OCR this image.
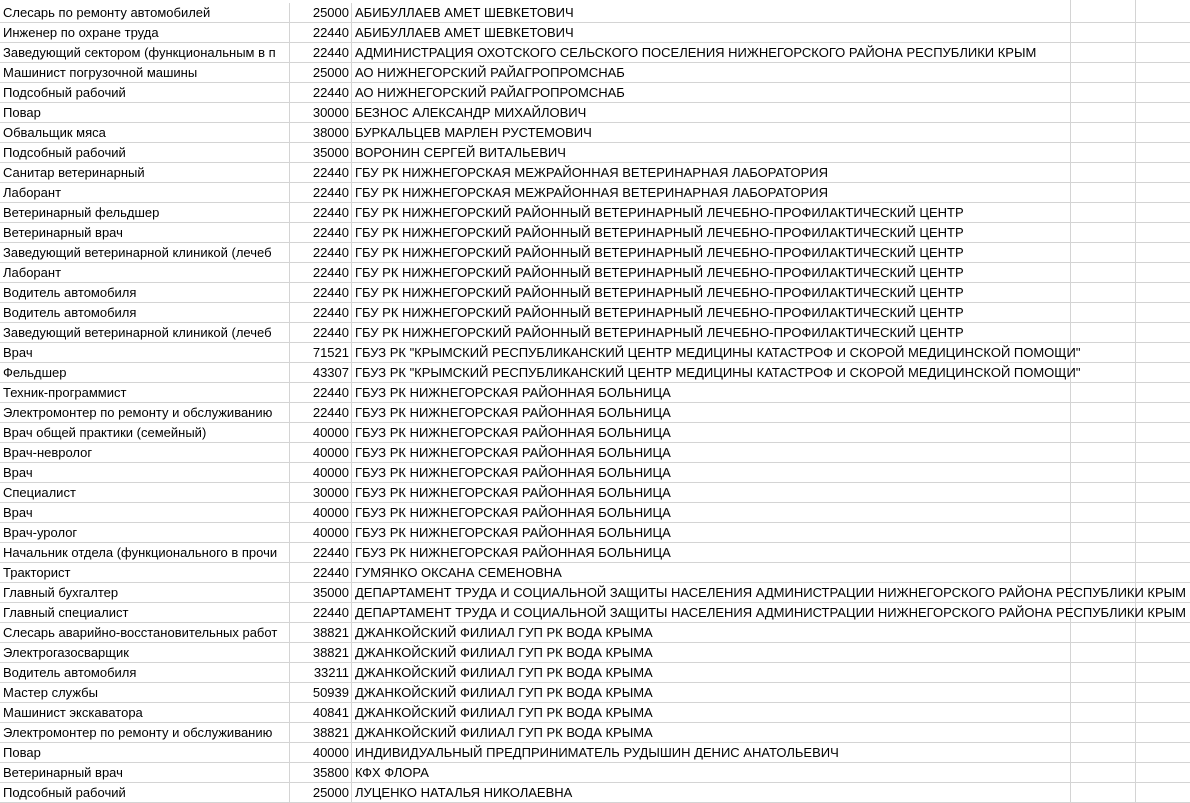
Слесарь по ремонту автомобилей	25000 АБИБУЛЛАЕВ АМЕТ ШЕВКЕТОВИЧ
Инженер по охране труда	22440 АБИБУЛЛАЕВ АМЕТ ШЕВКЕТОВИЧ
Заведующий сектором (функциональным в п	22440 АДМИНИСТРАЦИЯ ОХОТСКОГО СЕЛЬСКОГО ПОСЕЛЕНИЯ НИЖНЕГОРСКОГО РАЙОНА РЕСПУБЛИКИ КРЫМ
Машинист погрузочной машины	25000 АО НИЖНЕГОРСКИЙ РАЙАГРОПРОМСНАБ
Подсобный рабочий	22440 АО НИЖНЕГОРСКИЙ РАЙАГРОПРОМСНАБ
Повар	30000 БЕЗНОС АЛЕКСАНДР МИХАЙЛОВИЧ
Обвальщик мяса	38000 БУРКАЛЬЦЕВ МАРЛЕН РУСТЕМОВИЧ
Подсобный рабочий	35000 ВОРОНИН СЕРГЕЙ ВИТАЛЬЕВИЧ
Санитар ветеринарный	22440 ГБУ РК НИЖНЕГОРСКАЯ МЕЖРАЙОННАЯ ВЕТЕРИНАРНАЯ ЛАБОРАТОРИЯ
Лаборант	22440 ГБУ РК НИЖНЕГОРСКАЯ МЕЖРАЙОННАЯ ВЕТЕРИНАРНАЯ ЛАБОРАТОРИЯ
Ветеринарный фельдшер	22440 ГБУ РК НИЖНЕГОРСКИЙ РАЙОННЫЙ ВЕТЕРИНАРНЫЙ ЛЕЧЕБНО-ПРОФИЛАКТИЧЕСКИЙ ЦЕНТР
Ветеринарный врач	22440 ГБУ РК НИЖНЕГОРСКИЙ РАЙОННЫЙ ВЕТЕРИНАРНЫЙ ЛЕЧЕБНО-ПРОФИЛАКТИЧЕСКИЙ ЦЕНТР
Заведующий ветеринарной клиникой (лечеб	22440 ГБУ РК НИЖНЕГОРСКИЙ РАЙОННЫЙ ВЕТЕРИНАРНЫЙ ЛЕЧЕБНО-ПРОФИЛАКТИЧЕСКИЙ ЦЕНТР
Лаборант	22440 ГБУ РК НИЖНЕГОРСКИЙ РАЙОННЫЙ ВЕТЕРИНАРНЫЙ ЛЕЧЕБНО-ПРОФИЛАКТИЧЕСКИЙ ЦЕНТР
Водитель автомобиля	22440 ГБУ РК НИЖНЕГОРСКИЙ РАЙОННЫЙ ВЕТЕРИНАРНЫЙ ЛЕЧЕБНО-ПРОФИЛАКТИЧЕСКИЙ ЦЕНТР
Водитель автомобиля	22440 ГБУ РК НИЖНЕГОРСКИЙ РАЙОННЫЙ ВЕТЕРИНАРНЫЙ ЛЕЧЕБНО-ПРОФИЛАКТИЧЕСКИЙ ЦЕНТР
Заведующий ветеринарной клиникой (лечеб	22440 ГБУ РК НИЖНЕГОРСКИЙ РАЙОННЫЙ ВЕТЕРИНАРНЫЙ ЛЕЧЕБНО-ПРОФИЛАКТИЧЕСКИЙ ЦЕНТР
Врач	71521 ГБУЗ РК "КРЫМСКИЙ РЕСПУБЛИКАНСКИЙ ЦЕНТР МЕДИЦИНЫ КАТАСТРОФ И СКОРОЙ МЕДИЦИНСКОЙ ПОМОЩИ"
Фельдшер	43307 ГБУЗ РК "КРЫМСКИЙ РЕСПУБЛИКАНСКИЙ ЦЕНТР МЕДИЦИНЫ КАТАСТРОФ И СКОРОЙ МЕДИЦИНСКОЙ ПОМОЩИ"
Техник-программист	22440 ГБУЗ РК НИЖНЕГОРСКАЯ РАЙОННАЯ БОЛЬНИЦА
Электромонтер по ремонту и обслуживанию	22440 ГБУЗ РК НИЖНЕГОРСКАЯ РАЙОННАЯ БОЛЬНИЦА
Врач общей практики (семейный)	40000 ГБУЗ РК НИЖНЕГОРСКАЯ РАЙОННАЯ БОЛЬНИЦА
Врач-невролог	40000 ГБУЗ РК НИЖНЕГОРСКАЯ РАЙОННАЯ БОЛЬНИЦА
Врач	40000 ГБУЗ РК НИЖНЕГОРСКАЯ РАЙОННАЯ БОЛЬНИЦА
Специалист	30000 ГБУЗ РК НИЖНЕГОРСКАЯ РАЙОННАЯ БОЛЬНИЦА
Врач	40000 ГБУЗ РК НИЖНЕГОРСКАЯ РАЙОННАЯ БОЛЬНИЦА
Врач-уролог	40000 ГБУЗ РК НИЖНЕГОРСКАЯ РАЙОННАЯ БОЛЬНИЦА
Начальник отдела (функционального в прочи	22440 ГБУЗ РК НИЖНЕГОРСКАЯ РАЙОННАЯ БОЛЬНИЦА
Тракторист	22440 ГУМЯНКО ОКСАНА СЕМЕНОВНА
Главный бухгалтер	35000 ДЕПАРТАМЕНТ ТРУДА И СОЦИАЛЬНОЙ ЗАЩИТЫ НАСЕЛЕНИЯ АДМИНИСТРАЦИИ НИЖНЕГОРСКОГО РАЙОНА РЕСПУБЛИКИ КРЫМ
Главный специалист	22440 ДЕПАРТАМЕНТ ТРУДА И СОЦИАЛЬНОЙ ЗАЩИТЫ НАСЕЛЕНИЯ АДМИНИСТРАЦИИ НИЖНЕГОРСКОГО РАЙОНА РЕСПУБЛИКИ КРЫМ
Слесарь аварийно-восстановительных работ	38821 ДЖАНКОЙСКИЙ ФИЛИАЛ ГУП РК ВОДА КРЫМА
Электрогазосварщик	38821 ДЖАНКОЙСКИЙ ФИЛИАЛ ГУП РК ВОДА КРЫМА
Водитель автомобиля	33211 ДЖАНКОЙСКИЙ ФИЛИАЛ ГУП РК ВОДА КРЫМА
Мастер службы	50939 ДЖАНКОЙСКИЙ ФИЛИАЛ ГУП РК ВОДА КРЫМА
Машинист экскаватора	40841 ДЖАНКОЙСКИЙ ФИЛИАЛ ГУП РК ВОДА КРЫМА
Электромонтер по ремонту и обслуживанию	38821 ДЖАНКОЙСКИЙ ФИЛИАЛ ГУП РК ВОДА КРЫМА
Повар	40000 ИНДИВИДУАЛЬНЫЙ ПРЕДПРИНИМАТЕЛЬ РУДЫШИН ДЕНИС АНАТОЛЬЕВИЧ
Ветеринарный врач	35800 КФХ ФЛОРА
Подсобный рабочий	25000 ЛУЦЕНКО НАТАЛЬЯ НИКОЛАЕВНА
